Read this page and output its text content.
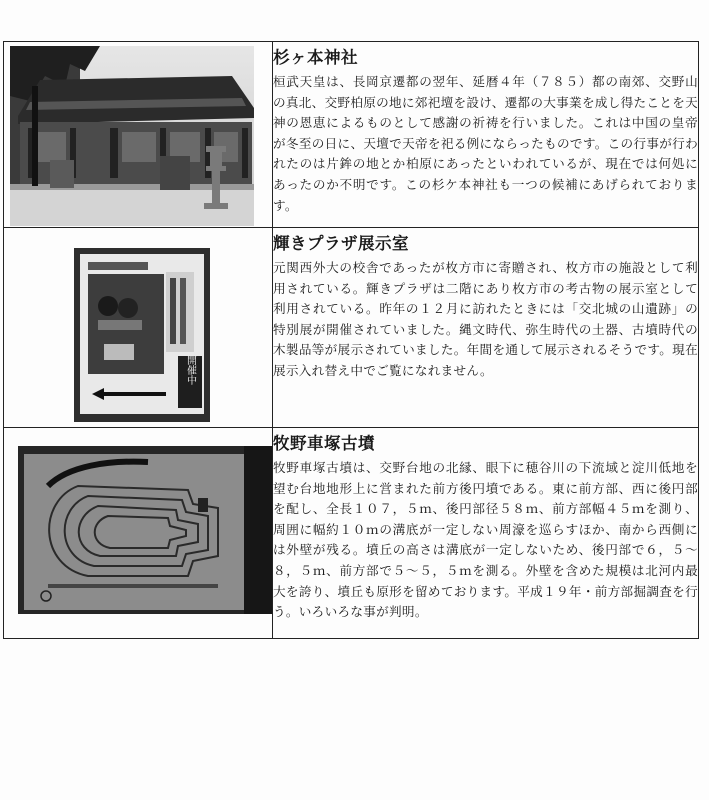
杉ヶ本神社
桓武天皇は、長岡京遷都の翌年、延暦４年（７８５）都の南郊、交野山の真北、交野柏原の地に郊祀壇を設け、遷都の大事業を成し得たことを天神の恩恵によるものとして感謝の祈祷を行いました。これは中国の皇帝が冬至の日に、天壇で天帝を祀る例にならったものです。この行事が行われたのは片鉾の地とか柏原にあったといわれているが、現在では何処にあったのか不明です。この杉ケ本神社も一つの候補にあげられております。

開催中	輝きプラザ展示室
元関西外大の校舎であったが枚方市に寄贈され、枚方市の施設として利用されている。輝きプラザは二階にあり枚方市の考古物の展示室として利用されている。昨年の１２月に訪れたときには「交北城の山遺跡」の特別展が開催されていました。縄文時代、弥生時代の土器、古墳時代の木製品等が展示されていました。年間を通して展示されるそうです。現在展示入れ替え中でご覧になれません。

牧野車塚古墳
牧野車塚古墳は、交野台地の北縁、眼下に穂谷川の下流域と淀川低地を望む台地地形上に営まれた前方後円墳である。東に前方部、西に後円部を配し、全長１０７，５ｍ、後円部径５８ｍ、前方部幅４５ｍを測り、周囲に幅約１０ｍの溝底が一定しない周濠を巡らすほか、南から西側には外壁が残る。墳丘の高さは溝底が一定しないため、後円部で６，５～８，５ｍ、前方部で５～５，５ｍを測る。外壁を含めた規模は北河内最大を誇り、墳丘も原形を留めております。平成１９年・前方部掘調査を行う。いろいろな事が判明。
